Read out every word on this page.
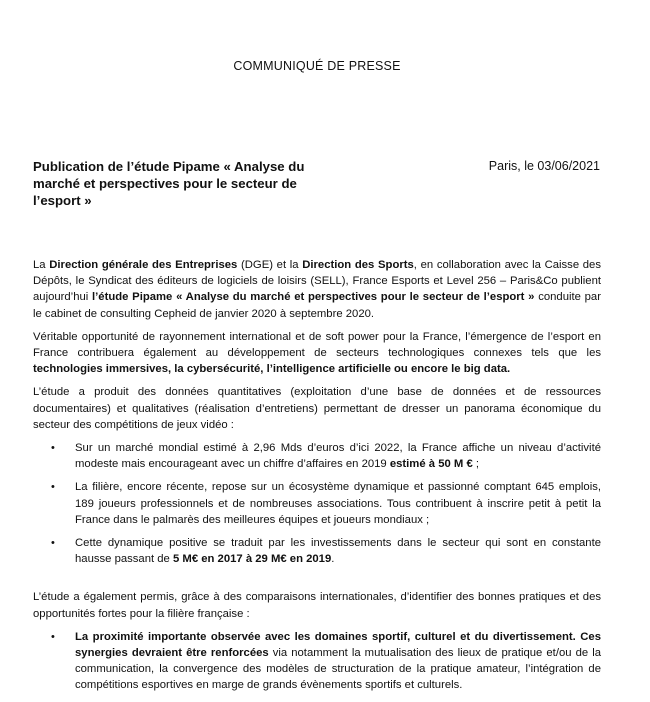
COMMUNIQUÉ DE PRESSE
Publication de l’étude Pipame « Analyse du marché et perspectives pour le secteur de l’esport »
Paris, le 03/06/2021

La Direction générale des Entreprises (DGE) et la Direction des Sports, en collaboration avec la Caisse des Dépôts, le Syndicat des éditeurs de logiciels de loisirs (SELL), France Esports et Level 256 – Paris&Co publient aujourd’hui l’étude Pipame « Analyse du marché et perspectives pour le secteur de l’esport » conduite par le cabinet de consulting Cepheid de janvier 2020 à septembre 2020.

Véritable opportunité de rayonnement international et de soft power pour la France, l’émergence de l’esport en France contribuera également au développement de secteurs technologiques connexes tels que les technologies immersives, la cybersécurité, l’intelligence artificielle ou encore le big data.

L’étude a produit des données quantitatives (exploitation d’une base de données et de ressources documentaires) et qualitatives (réalisation d’entretiens) permettant de dresser un panorama économique du secteur des compétitions de jeux vidéo :

• Sur un marché mondial estimé à 2,96 Mds d’euros d’ici 2022, la France affiche un niveau d’activité modeste mais encourageant avec un chiffre d’affaires en 2019 estimé à 50 M € ;
• La filière, encore récente, repose sur un écosystème dynamique et passionné comptant 645 emplois, 189 joueurs professionnels et de nombreuses associations. Tous contribuent à inscrire petit à petit la France dans le palmarès des meilleures équipes et joueurs mondiaux ;
• Cette dynamique positive se traduit par les investissements dans le secteur qui sont en constante hausse passant de 5 M€ en 2017 à 29 M€ en 2019.

L’étude a également permis, grâce à des comparaisons internationales, d’identifier des bonnes pratiques et des opportunités fortes pour la filière française :

• La proximité importante observée avec les domaines sportif, culturel et du divertissement. Ces synergies devraient être renforcées via notamment la mutualisation des lieux de pratique et/ou de la communication, la convergence des modèles de structuration de la pratique amateur, l’intégration de compétitions esportives en marge de grands évènements sportifs et culturels.
